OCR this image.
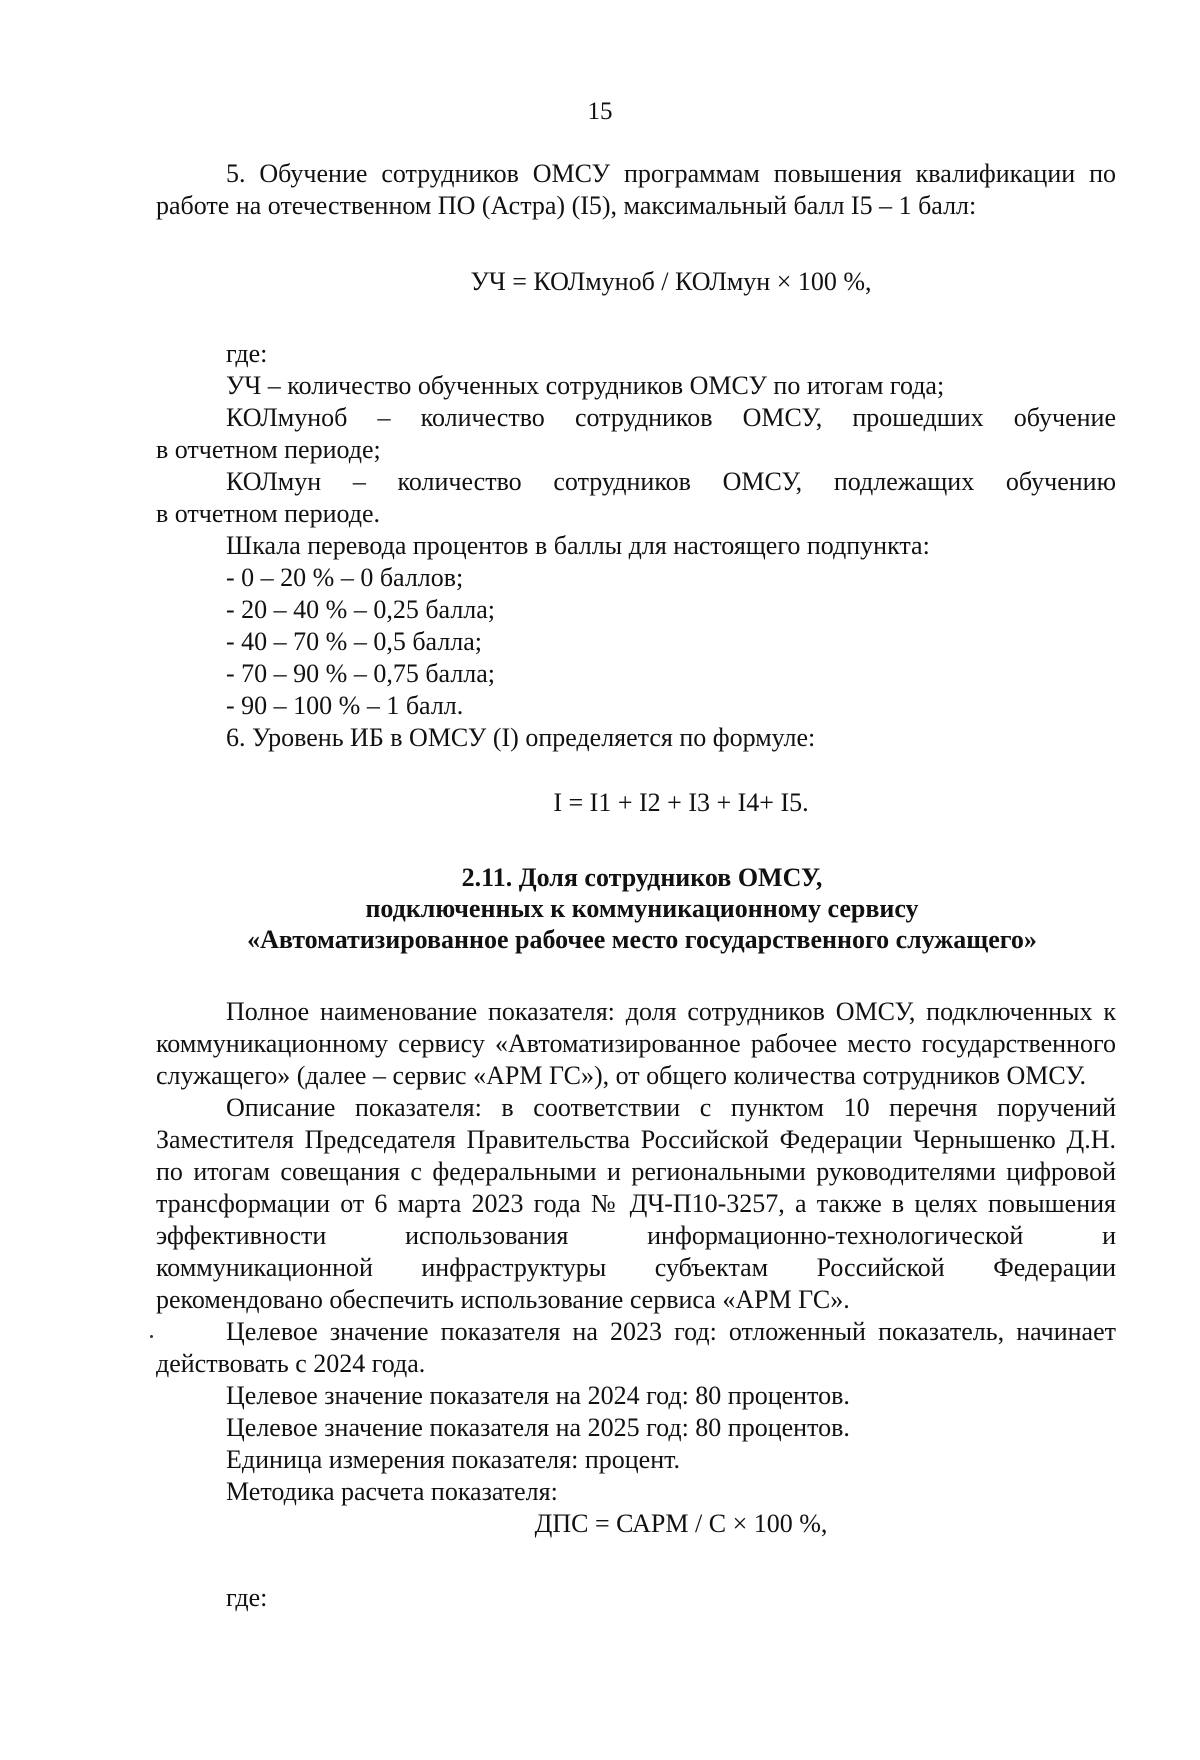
15

5. Обучение сотрудников ОМСУ программам повышения квалификации по работе на отечественном ПО (Астра) (I5), максимальный балл I5 – 1 балл:

УЧ = КОЛмуноб / КОЛмун × 100 %,

где:

УЧ – количество обученных сотрудников ОМСУ по итогам года;

КОЛмуноб – количество сотрудников ОМСУ, прошедших обучение

в отчетном периоде;

КОЛмун – количество сотрудников ОМСУ, подлежащих обучению

в отчетном периоде.

Шкала перевода процентов в баллы для настоящего подпункта:

- 0 – 20 % – 0 баллов;

- 20 – 40 % – 0,25 балла;

- 40 – 70 % – 0,5 балла;

- 70 – 90 % – 0,75 балла;

- 90 – 100 % – 1 балл.

6. Уровень ИБ в ОМСУ (I) определяется по формуле:

I = I1 + I2 + I3 + I4+ I5.

2.11. Доля сотрудников ОМСУ,
подключенных к коммуникационному сервису
«Автоматизированное рабочее место государственного служащего»

Полное наименование показателя: доля сотрудников ОМСУ, подключенных к коммуникационному сервису «Автоматизированное рабочее место государственного служащего» (далее – сервис «АРМ ГС»), от общего количества сотрудников ОМСУ.

Описание показателя: в соответствии с пунктом 10 перечня поручений Заместителя Председателя Правительства Российской Федерации Чернышенко Д.Н. по итогам совещания с федеральными и региональными руководителями цифровой трансформации от 6 марта 2023 года № ДЧ-П10-3257, а также в целях повышения эффективности использования информационно-технологической и коммуникационной инфраструктуры субъектам Российской Федерации рекомендовано обеспечить использование сервиса «АРМ ГС».

Целевое значение показателя на 2023 год: отложенный показатель, начинает действовать с 2024 года.

Целевое значение показателя на 2024 год: 80 процентов.

Целевое значение показателя на 2025 год: 80 процентов.

Единица измерения показателя: процент.

Методика расчета показателя:

ДПС = САРМ / С × 100 %,

где:
